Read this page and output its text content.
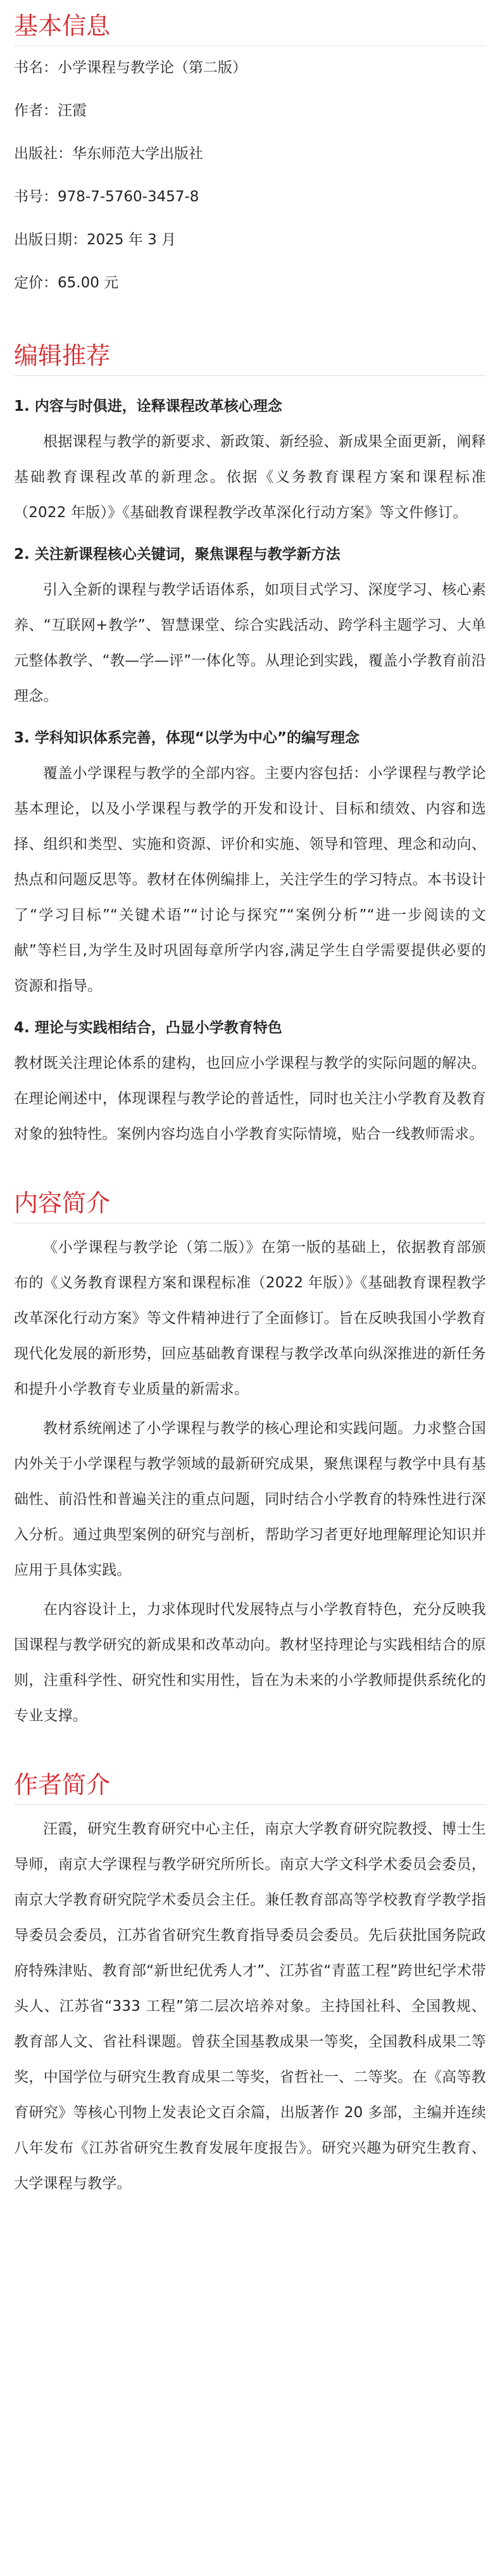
基本信息
书名：小学课程与教学论（第二版）
作者：汪霞
出版社：华东师范大学出版社
书号：978-7-5760-3457-8
出版日期：2025 年 3 月
定价：65.00 元
编辑推荐
1. 内容与时俱进，诠释课程改革核心理念

根据课程与教学的新要求、新政策、新经验、新成果全面更新，阐释基础教育课程改革的新理念。依据《义务教育课程方案和课程标准（2022 年版）》《基础教育课程教学改革深化行动方案》等文件修订。

2. 关注新课程核心关键词，聚焦课程与教学新方法

引入全新的课程与教学话语体系，如项目式学习、深度学习、核心素养、“互联网+教学”、智慧课堂、综合实践活动、跨学科主题学习、大单元整体教学、“教—学—评”一体化等。从理论到实践，覆盖小学教育前沿理念。

3. 学科知识体系完善，体现“以学为中心”的编写理念

覆盖小学课程与教学的全部内容。主要内容包括：小学课程与教学论基本理论，以及小学课程与教学的开发和设计、目标和绩效、内容和选择、组织和类型、实施和资源、评价和实施、领导和管理、理念和动向、热点和问题反思等。教材在体例编排上，关注学生的学习特点。本书设计了“学习目标”“关键术语”“讨论与探究”“案例分析”“进一步阅读的文献”等栏目,为学生及时巩固每章所学内容,满足学生自学需要提供必要的资源和指导。

4. 理论与实践相结合，凸显小学教育特色

教材既关注理论体系的建构，也回应小学课程与教学的实际问题的解决。在理论阐述中，体现课程与教学论的普适性，同时也关注小学教育及教育对象的独特性。案例内容均选自小学教育实际情境，贴合一线教师需求。

内容简介

《小学课程与教学论（第二版）》在第一版的基础上，依据教育部颁布的《义务教育课程方案和课程标准（2022 年版）》《基础教育课程教学改革深化行动方案》等文件精神进行了全面修订。旨在反映我国小学教育现代化发展的新形势，回应基础教育课程与教学改革向纵深推进的新任务和提升小学教育专业质量的新需求。

教材系统阐述了小学课程与教学的核心理论和实践问题。力求整合国内外关于小学课程与教学领域的最新研究成果，聚焦课程与教学中具有基础性、前沿性和普遍关注的重点问题，同时结合小学教育的特殊性进行深入分析。通过典型案例的研究与剖析，帮助学习者更好地理解理论知识并应用于具体实践。

在内容设计上，力求体现时代发展特点与小学教育特色，充分反映我国课程与教学研究的新成果和改革动向。教材坚持理论与实践相结合的原则，注重科学性、研究性和实用性，旨在为未来的小学教师提供系统化的专业支撑。

作者简介

汪霞，研究生教育研究中心主任，南京大学教育研究院教授、博士生导师，南京大学课程与教学研究所所长。南京大学文科学术委员会委员，南京大学教育研究院学术委员会主任。兼任教育部高等学校教育学教学指导委员会委员，江苏省省研究生教育指导委员会委员。先后获批国务院政府特殊津贴、教育部“新世纪优秀人才”、江苏省“青蓝工程”跨世纪学术带头人、江苏省“333 工程”第二层次培养对象。主持国社科、全国教规、教育部人文、省社科课题。曾获全国基教成果一等奖，全国教科成果二等奖，中国学位与研究生教育成果二等奖，省哲社一、二等奖。在《高等教育研究》等核心刊物上发表论文百余篇，出版著作 20 多部，主编并连续八年发布《江苏省研究生教育发展年度报告》。研究兴趣为研究生教育、大学课程与教学。
